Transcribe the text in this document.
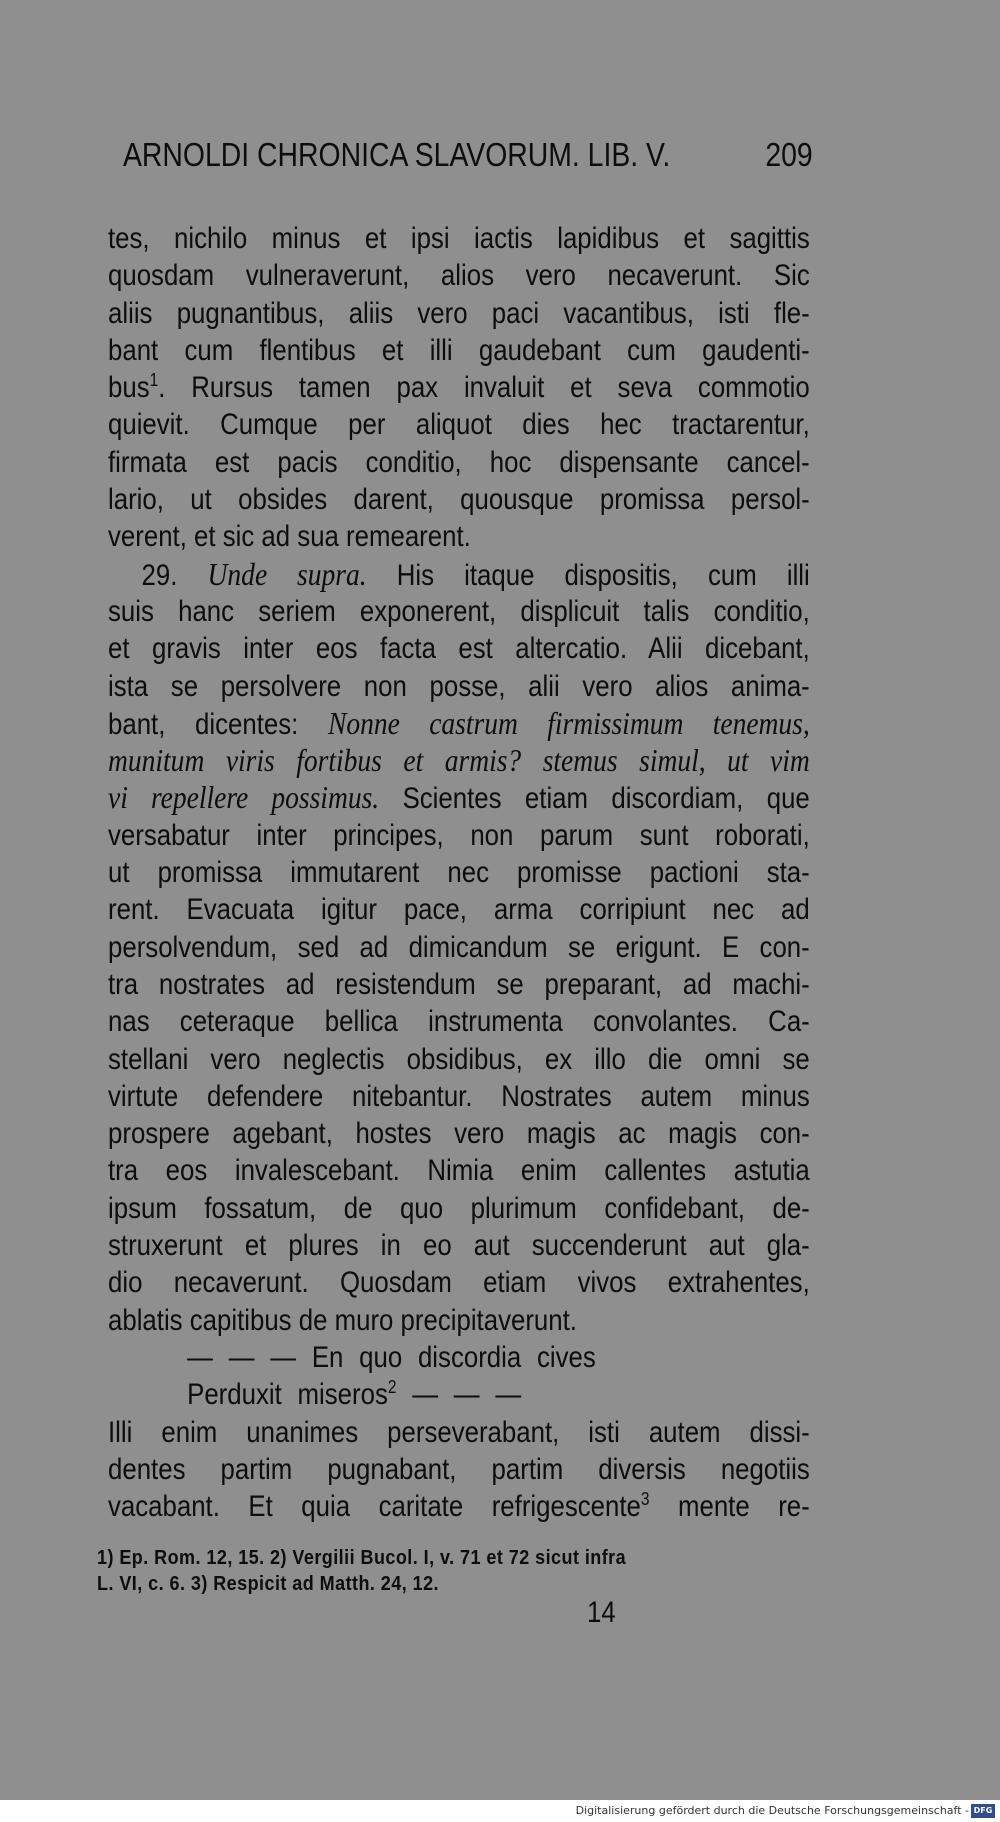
ARNOLDI CHRONICA SLAVORUM. LIB. V.	209
tes, nichilo minus et ipsi iactis lapidibus et sagittis
quosdam vulneraverunt, alios vero necaverunt. Sic
aliis pugnantibus, aliis vero paci vacantibus, isti fle-
bant cum flentibus et illi gaudebant cum gaudenti-
bus$^1$. Rursus tamen pax invaluit et seva commotio
quievit. Cumque per aliquot dies hec tractarentur,
firmata est pacis conditio, hoc dispensante cancel-
lario, ut obsides darent, quousque promissa persol-
verent, et sic ad sua remearent.
29. Unde supra. His itaque dispositis, cum illi
suis hanc seriem exponerent, displicuit talis conditio,
et gravis inter eos facta est altercatio. Alii dicebant,
ista se persolvere non posse, alii vero alios anima-
bant, dicentes: Nonne castrum firmissimum tenemus,
munitum viris fortibus et armis? stemus simul, ut vim
vi repellere possimus. Scientes etiam discordiam, que
versabatur inter principes, non parum sunt roborati,
ut promissa immutarent nec promisse pactioni sta-
rent. Evacuata igitur pace, arma corripiunt nec ad
persolvendum, sed ad dimicandum se erigunt. E con-
tra nostrates ad resistendum se preparant, ad machi-
nas ceteraque bellica instrumenta convolantes. Ca-
stellani vero neglectis obsidibus, ex illo die omni se
virtute defendere nitebantur. Nostrates autem minus
prospere agebant, hostes vero magis ac magis con-
tra eos invalescebant. Nimia enim callentes astutia
ipsum fossatum, de quo plurimum confidebant, de-
struxerunt et plures in eo aut succenderunt aut gla-
dio necaverunt. Quosdam etiam vivos extrahentes,
ablatis capitibus de muro precipitaverunt.
— — — En quo discordia cives
Perduxit miseros$^2$ — — —
Illi enim unanimes perseverabant, isti autem dissi-
dentes partim pugnabant, partim diversis negotiis
vacabant. Et quia caritate refrigescente$^3$ mente re-
1) Ep. Rom. 12, 15. 2) Vergilii Bucol. I, v. 71 et 72 sicut infra
L. VI, c. 6. 3) Respicit ad Matth. 24, 12.
14
Digitalisierung gefördert durch die Deutsche Forschungsgemeinschaft - DFG
